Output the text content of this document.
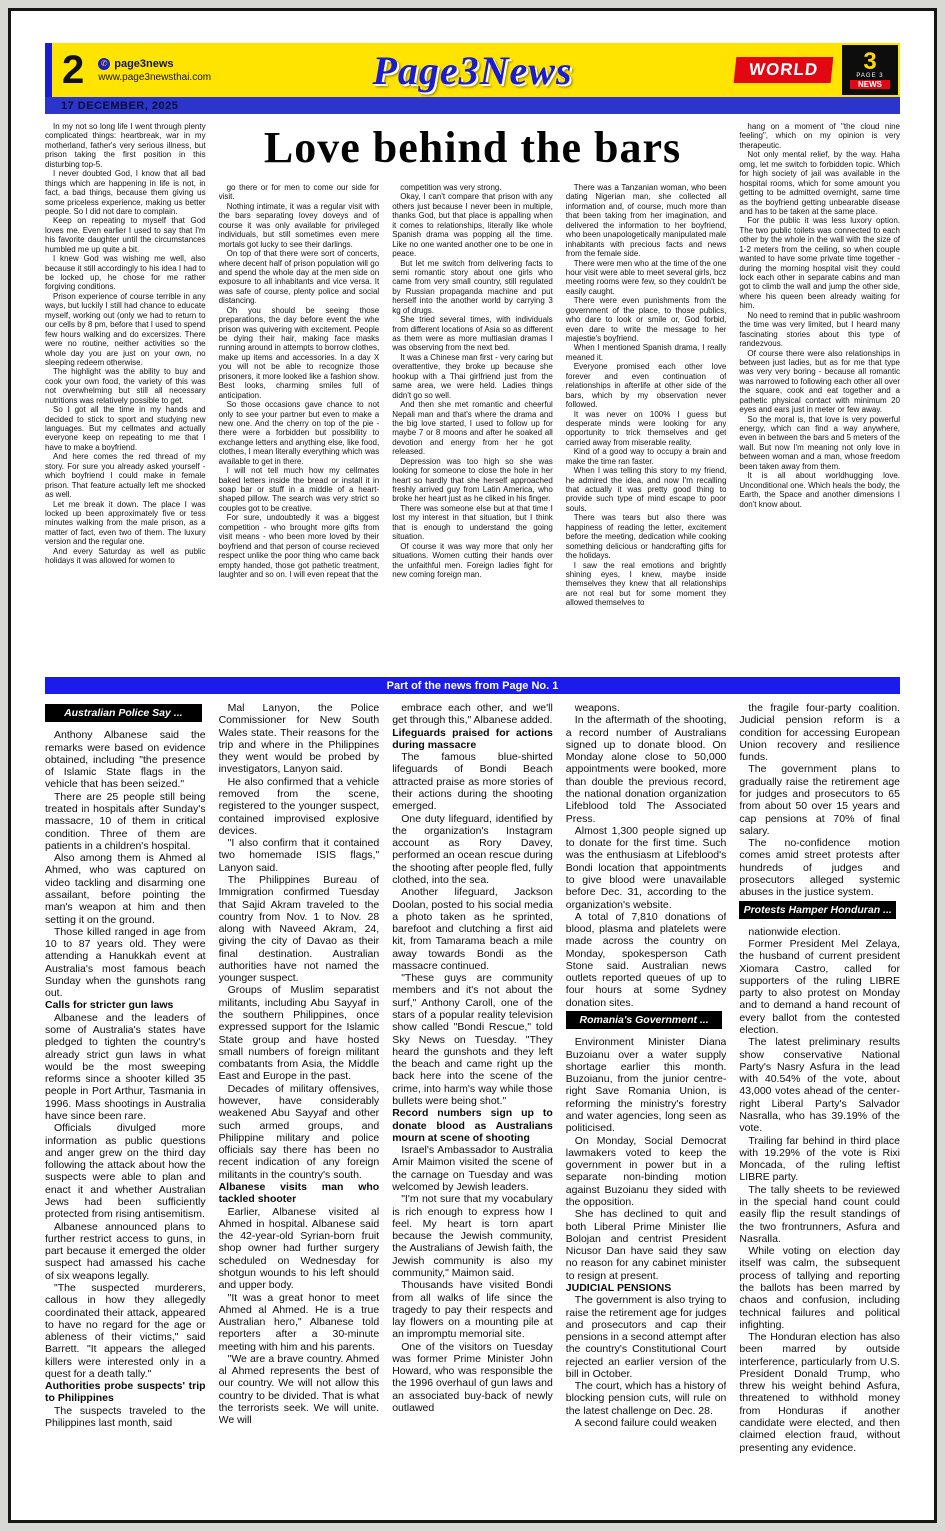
2	✆ page3news
www.page3newsthai.com	Page3News	WORLD	3
PAGE 3
NEWS
17 DECEMBER, 2025
Love behind the bars

In my not so long life I went through plenty complicated things: heartbreak, war in my motherland, father's very serious illness, but prison taking the first position in this disturbing top-5.

I never doubted God, I know that all bad things which are happening in life is not, in fact, a bad things, because them giving us some priceless experience, making us better people. So I did not dare to complain.

Keep on repeating to myself that God loves me. Even earlier I used to say that I'm his favorite daughter until the circumstances humbled me up quite a bit.

I knew God was wishing me well, also because it still accordingly to his idea I had to be locked up, he chose for me rather forgiving conditions.

Prison experience of course terrible in any ways, but luckily I still had chance to educate myself, working out (only we had to return to our cells by 8 pm, before that I used to spend few hours walking and do excersizes. There were no routine, neither activities so the whole day you are just on your own, no sleeping redeem otherwise.

The highlight was the ability to buy and cook your own food, the variety of this was not overwhelming but still all necessary nutritions was relatively possible to get.

So I got all the time in my hands and decided to stick to sport and studying new languages. But my cellmates and actually everyone keep on repeating to me that I have to make a boyfriend.

And here comes the red thread of my story. For sure you already asked yourself - which boyfriend I could make in female prison. That feature actually left me shocked as well.

Let me break it down. The place I was locked up been approximately five or tess minutes walking from the male prison, as a matter of fact, even two of them. The luxury version and the regular one.

And every Saturday as well as public holidays it was allowed for women to

go there or for men to come our side for visit.

Nothing intimate, it was a regular visit with the bars separating lovey doveys and of course it was only available for privileged individuals, but still sometimes even mere mortals got lucky to see their darlings.

On top of that there were sort of concerts, where decent half of prison population will go and spend the whole day at the men side on exposure to all inhabitants and vice versa. It was safe of course, plenty police and social distancing.

Oh you should be seeing those preparations, the day before event the whe prison was quivering with excitement. People be dying their hair, making face masks running around in attempts to borrow clothes, make up items and accessories. In a day X you will not be able to recognize those prisoners, it more looked like a fashion show. Best looks, charming smiles full of anticipation.

So those occasions gave chance to not only to see your partner but even to make a new one. And the cherry on top of the pie - there were a forbidden but possibility to exchange letters and anything else, like food, clothes, I mean literally everything which was available to get in there.

I will not tell much how my cellmates baked letters inside the bread or install it in soap bar or stuff in a middle of a heart-shaped pillow. The search was very strict so couples got to be creative.

For sure, undoubtedly it was a biggest competition - who brought more gifts from visit means - who been more loved by their boyfriend and that person of course recieved respect unlike the poor thing who came back empty handed, those got pathetic treatment, laughter and so on. I will even repeat that the

competition was very strong.

Okay, I can't compare that prison with any others just because I never been in multiple, thanks God, but that place is appalling when it comes to relationships, literally like whole Spanish drama was popping all the time. Like no one wanted another one to be one in peace.

But let me switch from delivering facts to semi romantic story about one girls who came from very small country, still regulated by Russian propaganda machine and put herself into the another world by carrying 3 kg of drugs.

She tried several times, with individuals from different locations of Asia so as different as them were as more multiasian dramas I was observing from the next bed.

It was a Chinese man first - very caring but overattentive, they broke up because she hookup with a Thai girlfriend just from the same area, we were held. Ladies things didn't go so well.

And then she met romantic and cheerful Nepali man and that's where the drama and the big love started, I used to follow up for maybe 7 or 8 moons and after he soaked all devotion and energy from her he got released.

Depression was too high so she was looking for someone to close the hole in her heart so hardly that she herself approached freshly arrived guy from Latin America, who broke her heart just as he cliked in his finger.

There was someone else but at that time I lost my interest in that situation, but I think that is enough to understand the going situation.

Of course it was way more that only her situations. Women cutting their hands over the unfaithful men. Foreign ladies fight for new coming foreign man.

There was a Tanzanian woman, who been dating Nigerian man, she collected all information and, of course, much more than that been taking from her imagination, and delivered the information to her boyfriend, who been unapologetically manipulated male inhabitants with precious facts and news from the female side.

There were men who at the time of the one hour visit were able to meet several girls, bcz meeting rooms were few, so they couldn't be easily caught.

There were even punishments from the government of the place, to those publics, who dare to look or smile or, God forbid, even dare to write the message to her majestie's boyfriend.

When I mentioned Spanish drama, I really meaned it.

Everyone promised each other love forever and even continuation of relationships in afterlife at other side of the bars, which by my observation never followed.

It was never on 100% I guess but desperate minds were looking for any opportunity to trick themselves and get carried away from miserable reality.

Kind of a good way to occupy a brain and make the time ran faster.

When I was telling this story to my friend, he admired the idea, and now I'm recalling that actually it was pretty good thing to provide such type of mind escape to poor souls.

There was tears but also there was happiness of reading the letter, excitement before the meeting, dedication while cooking something delicious or handcrafting gifts for the holidays.

I saw the real emotions and brightly shining eyes, I knew, maybe inside themselves they knew that all relationships are not real but for some moment they allowed themselves to

hang on a moment of "the cloud nine feeling", which on my opinion is very therapeutic.

Not only mental relief, by the way. Haha omg, let me switch to forbidden topic. Which for high society of jail was available in the hospital rooms, which for some amount you getting to be admitted overnight, same time as the boyfriend getting unbearable disease and has to be taken at the same place.

For the public it was less luxory option. The two public toilets was connected to each other by the whole in the wall with the size of 1-2 meters from the ceiling, so when couple wanted to have some private time together - during the morning hospital visit they could lock each other in separate cabins and man got to climb the wall and jump the other side, where his queen been already waiting for him.

No need to remind that in public washroom the time was very limited, but I heard many fascinating stories about this type of randezvous.

Of course there were also relationships in between just ladies, but as for me that type was very very boring - because all romantic was narrowed to following each other all over the square, cook and eat together and a pathetic physical contact with minimum 20 eyes and ears just in meter or few away.

So the moral is, that love is very powerful energy, which can find a way anywhere, even in between the bars and 5 meters of the wall. But now I'm meaning not only love in between woman and a man, whose freedom been taken away from them.

It is all about worldhugging love. Unconditional one. Which heals the body, the Earth, the Space and another dimensions I don't know about.

Part of the news from Page No. 1
Australian Police Say ...

Anthony Albanese said the remarks were based on evidence obtained, including "the presence of Islamic State flags in the vehicle that has been seized."

There are 25 people still being treated in hospitals after Sunday's massacre, 10 of them in critical condition. Three of them are patients in a children's hospital.

Also among them is Ahmed al Ahmed, who was captured on video tackling and disarming one assailant, before pointing the man's weapon at him and then setting it on the ground.

Those killed ranged in age from 10 to 87 years old. They were attending a Hanukkah event at Australia's most famous beach Sunday when the gunshots rang out.

Calls for stricter gun laws

Albanese and the leaders of some of Australia's states have pledged to tighten the country's already strict gun laws in what would be the most sweeping reforms since a shooter killed 35 people in Port Arthur, Tasmania in 1996. Mass shootings in Australia have since been rare.

Officials divulged more information as public questions and anger grew on the third day following the attack about how the suspects were able to plan and enact it and whether Australian Jews had been sufficiently protected from rising antisemitism.

Albanese announced plans to further restrict access to guns, in part because it emerged the older suspect had amassed his cache of six weapons legally.

"The suspected murderers, callous in how they allegedly coordinated their attack, appeared to have no regard for the age or ableness of their victims," said Barrett. "It appears the alleged killers were interested only in a quest for a death tally."

Authorities probe suspects' trip to Philippines

The suspects traveled to the Philippines last month, said

Mal Lanyon, the Police Commissioner for New South Wales state. Their reasons for the trip and where in the Philippines they went would be probed by investigators, Lanyon said.

He also confirmed that a vehicle removed from the scene, registered to the younger suspect, contained improvised explosive devices.

"I also confirm that it contained two homemade ISIS flags," Lanyon said.

The Philippines Bureau of Immigration confirmed Tuesday that Sajid Akram traveled to the country from Nov. 1 to Nov. 28 along with Naveed Akram, 24, giving the city of Davao as their final destination. Australian authorities have not named the younger suspect.

Groups of Muslim separatist militants, including Abu Sayyaf in the southern Philippines, once expressed support for the Islamic State group and have hosted small numbers of foreign militant combatants from Asia, the Middle East and Europe in the past.

Decades of military offensives, however, have considerably weakened Abu Sayyaf and other such armed groups, and Philippine military and police officials say there has been no recent indication of any foreign militants in the country's south.

Albanese visits man who tackled shooter

Earlier, Albanese visited al Ahmed in hospital. Albanese said the 42-year-old Syrian-born fruit shop owner had further surgery scheduled on Wednesday for shotgun wounds to his left should and upper body.

"It was a great honor to meet Ahmed al Ahmed. He is a true Australian hero," Albanese told reporters after a 30-minute meeting with him and his parents.

"We are a brave country. Ahmed al Ahmed represents the best of our country. We will not allow this country to be divided. That is what the terrorists seek. We will unite. We will

embrace each other, and we'll get through this," Albanese added.

Lifeguards praised for actions during massacre

The famous blue-shirted lifeguards of Bondi Beach attracted praise as more stories of their actions during the shooting emerged.

One duty lifeguard, identified by the organization's Instagram account as Rory Davey, performed an ocean rescue during the shooting after people fled, fully clothed, into the sea.

Another lifeguard, Jackson Doolan, posted to his social media a photo taken as he sprinted, barefoot and clutching a first aid kit, from Tamarama beach a mile away towards Bondi as the massacre continued.

"These guys are community members and it's not about the surf," Anthony Caroll, one of the stars of a popular reality television show called "Bondi Rescue," told Sky News on Tuesday. "They heard the gunshots and they left the beach and came right up the back here into the scene of the crime, into harm's way while those bullets were being shot."

Record numbers sign up to donate blood as Australians mourn at scene of shooting

Israel's Ambassador to Australia Amir Maimon visited the scene of the carnage on Tuesday and was welcomed by Jewish leaders.

"I'm not sure that my vocabulary is rich enough to express how I feel. My heart is torn apart because the Jewish community, the Australians of Jewish faith, the Jewish community is also my community," Maimon said.

Thousands have visited Bondi from all walks of life since the tragedy to pay their respects and lay flowers on a mounting pile at an impromptu memorial site.

One of the visitors on Tuesday was former Prime Minister John Howard, who was responsible the the 1996 overhaul of gun laws and an associated buy-back of newly outlawed

weapons.

In the aftermath of the shooting, a record number of Australians signed up to donate blood. On Monday alone close to 50,000 appointments were booked, more than double the previous record, the national donation organization Lifeblood told The Associated Press.

Almost 1,300 people signed up to donate for the first time. Such was the enthusiasm at Lifeblood's Bondi location that appointments to give blood were unavailable before Dec. 31, according to the organization's website.

A total of 7,810 donations of blood, plasma and platelets were made across the country on Monday, spokesperson Cath Stone said. Australian news outlets reported queues of up to four hours at some Sydney donation sites.

Romania's Government ...

Environment Minister Diana Buzoianu over a water supply shortage earlier this month. Buzoianu, from the junior centre-right Save Romania Union, is reforming the ministry's forestry and water agencies, long seen as politicised.

On Monday, Social Democrat lawmakers voted to keep the government in power but in a separate non-binding motion against Buzoianu they sided with the opposition.

She has declined to quit and both Liberal Prime Minister Ilie Bolojan and centrist President Nicusor Dan have said they saw no reason for any cabinet minister to resign at present.

JUDICIAL PENSIONS

The government is also trying to raise the retirement age for judges and prosecutors and cap their pensions in a second attempt after the country's Constitutional Court rejected an earlier version of the bill in October.

The court, which has a history of blocking pension cuts, will rule on the latest challenge on Dec. 28.

A second failure could weaken

the fragile four-party coalition. Judicial pension reform is a condition for accessing European Union recovery and resilience funds.

The government plans to gradually raise the retirement age for judges and prosecutors to 65 from about 50 over 15 years and cap pensions at 70% of final salary.

The no-confidence motion comes amid street protests after hundreds of judges and prosecutors alleged systemic abuses in the justice system.

Protests Hamper Honduran ...

nationwide election.

Former President Mel Zelaya, the husband of current president Xiomara Castro, called for supporters of the ruling LIBRE party to also protest on Monday and to demand a hand recount of every ballot from the contested election.

The latest preliminary results show conservative National Party's Nasry Asfura in the lead with 40.54% of the vote, about 43,000 votes ahead of the center-right Liberal Party's Salvador Nasralla, who has 39.19% of the vote.

Trailing far behind in third place with 19.29% of the vote is Rixi Moncada, of the ruling leftist LIBRE party.

The tally sheets to be reviewed in the special hand count could easily flip the result standings of the two frontrunners, Asfura and Nasralla.

While voting on election day itself was calm, the subsequent process of tallying and reporting the ballots has been marred by chaos and confusion, including technical failures and political infighting.

The Honduran election has also been marred by outside interference, particularly from U.S. President Donald Trump, who threw his weight behind Asfura, threatened to withhold money from Honduras if another candidate were elected, and then claimed election fraud, without presenting any evidence.
